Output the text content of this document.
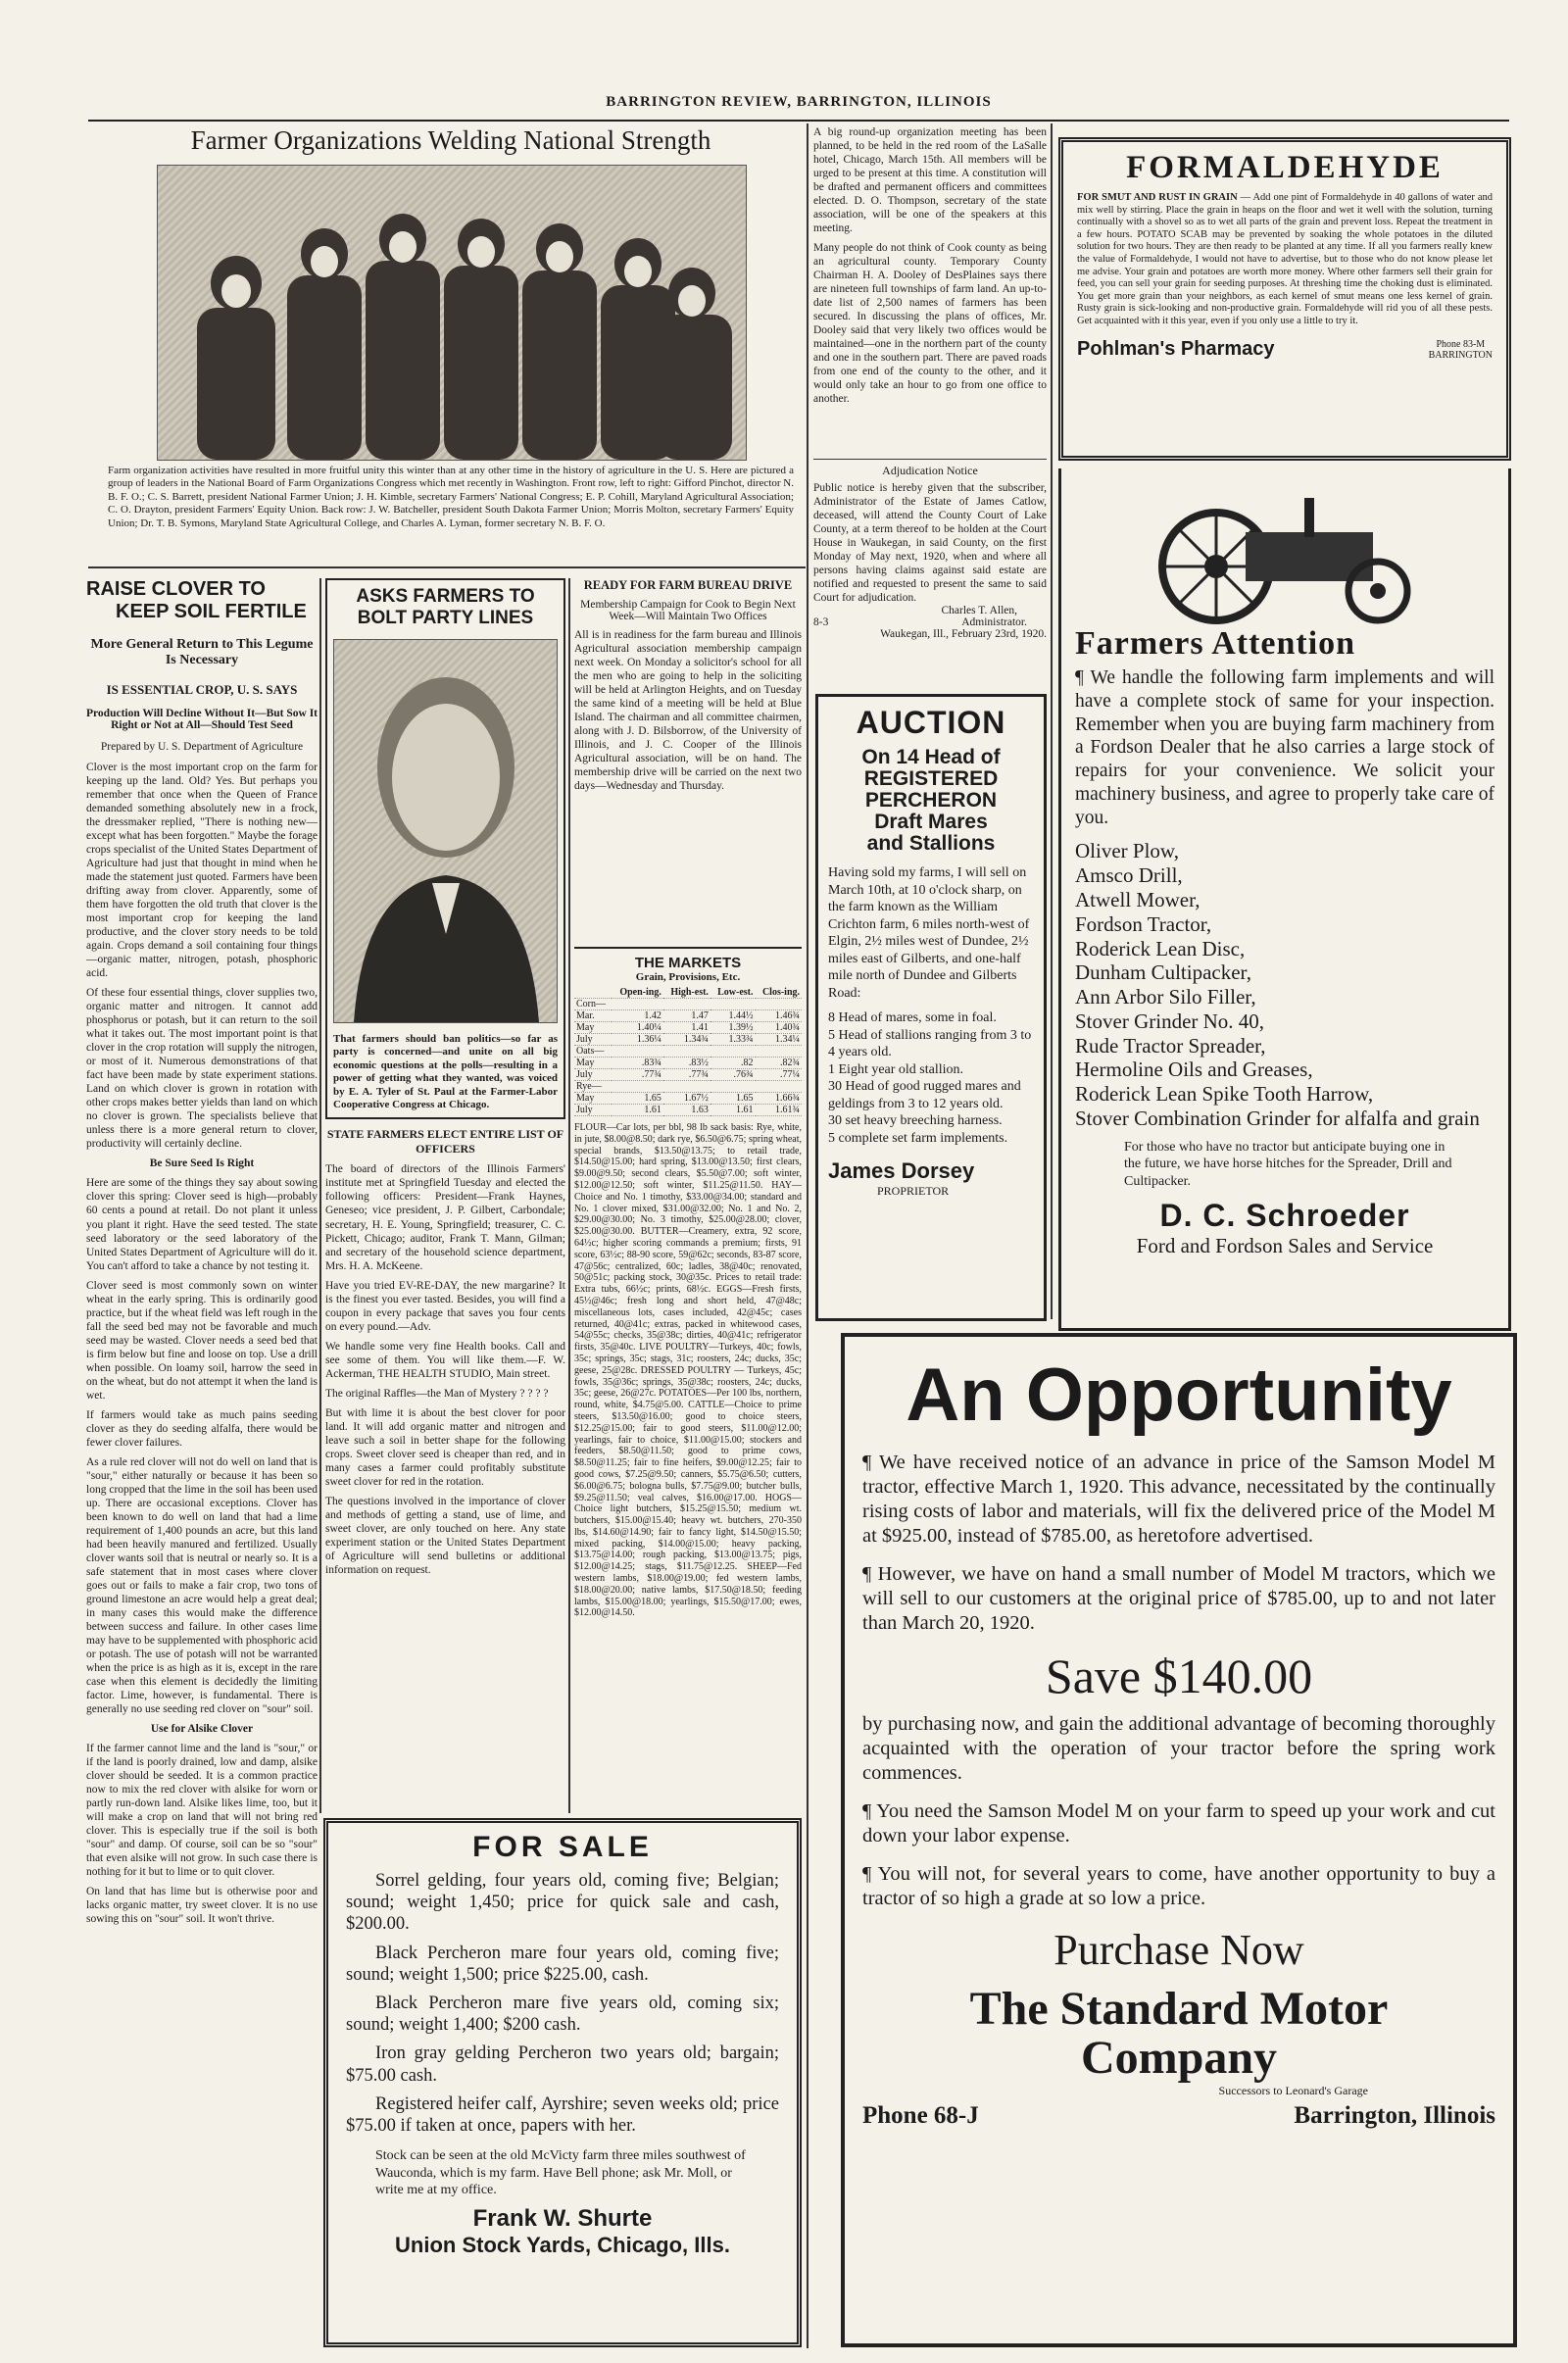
BARRINGTON REVIEW, BARRINGTON, ILLINOIS
Farmer Organizations Welding National Strength
Farm organization activities have resulted in more fruitful unity this winter than at any other time in the history of agriculture in the U. S. Here are pictured a group of leaders in the National Board of Farm Organizations Congress which met recently in Washington. Front row, left to right: Gifford Pinchot, director N. B. F. O.; C. S. Barrett, president National Farmer Union; J. H. Kimble, secretary Farmers' National Congress; E. P. Cohill, Maryland Agricultural Association; C. O. Drayton, president Farmers' Equity Union. Back row: J. W. Batcheller, president South Dakota Farmer Union; Morris Molton, secretary Farmers' Equity Union; Dr. T. B. Symons, Maryland State Agricultural College, and Charles A. Lyman, former secretary N. B. F. O.
RAISE CLOVER TO
KEEP SOIL FERTILE
More General Return to This Legume Is Necessary
IS ESSENTIAL CROP, U. S. SAYS
Production Will Decline Without It—But Sow It Right or Not at All—Should Test Seed
Prepared by U. S. Department of Agriculture

Clover is the most important crop on the farm for keeping up the land. Old? Yes. But perhaps you remember that once when the Queen of France demanded something absolutely new in a frock, the dressmaker replied, "There is nothing new—except what has been forgotten." Maybe the forage crops specialist of the United States Department of Agriculture had just that thought in mind when he made the statement just quoted. Farmers have been drifting away from clover. Apparently, some of them have forgotten the old truth that clover is the most important crop for keeping the land productive, and the clover story needs to be told again. Crops demand a soil containing four things—organic matter, nitrogen, potash, phosphoric acid.

Of these four essential things, clover supplies two, organic matter and nitrogen. It cannot add phosphorus or potash, but it can return to the soil what it takes out. The most important point is that clover in the crop rotation will supply the nitrogen, or most of it. Numerous demonstrations of that fact have been made by state experiment stations. Land on which clover is grown in rotation with other crops makes better yields than land on which no clover is grown. The specialists believe that unless there is a more general return to clover, productivity will certainly decline.

Be Sure Seed Is Right

Here are some of the things they say about sowing clover this spring: Clover seed is high—probably 60 cents a pound at retail. Do not plant it unless you plant it right. Have the seed tested. The state seed laboratory or the seed laboratory of the United States Department of Agriculture will do it. You can't afford to take a chance by not testing it.

Clover seed is most commonly sown on winter wheat in the early spring. This is ordinarily good practice, but if the wheat field was left rough in the fall the seed bed may not be favorable and much seed may be wasted. Clover needs a seed bed that is firm below but fine and loose on top. Use a drill when possible. On loamy soil, harrow the seed in on the wheat, but do not attempt it when the land is wet.

If farmers would take as much pains seeding clover as they do seeding alfalfa, there would be fewer clover failures.

As a rule red clover will not do well on land that is "sour," either naturally or because it has been so long cropped that the lime in the soil has been used up. There are occasional exceptions. Clover has been known to do well on land that had a lime requirement of 1,400 pounds an acre, but this land had been heavily manured and fertilized. Usually clover wants soil that is neutral or nearly so. It is a safe statement that in most cases where clover goes out or fails to make a fair crop, two tons of ground limestone an acre would help a great deal; in many cases this would make the difference between success and failure. In other cases lime may have to be supplemented with phosphoric acid or potash. The use of potash will not be warranted when the price is as high as it is, except in the rare case when this element is decidedly the limiting factor. Lime, however, is fundamental. There is generally no use seeding red clover on "sour" soil.

Use for Alsike Clover

If the farmer cannot lime and the land is "sour," or if the land is poorly drained, low and damp, alsike clover should be seeded. It is a common practice now to mix the red clover with alsike for worn or partly run-down land. Alsike likes lime, too, but it will make a crop on land that will not bring red clover. This is especially true if the soil is both "sour" and damp. Of course, soil can be so "sour" that even alsike will not grow. In such case there is nothing for it but to lime or to quit clover.

On land that has lime but is otherwise poor and lacks organic matter, try sweet clover. It is no use sowing this on "sour" soil. It won't thrive.

ASKS FARMERS TO
BOLT PARTY LINES
That farmers should ban politics—so far as party is concerned—and unite on all big economic questions at the polls—resulting in a power of getting what they wanted, was voiced by E. A. Tyler of St. Paul at the Farmer-Labor Cooperative Congress at Chicago.
STATE FARMERS ELECT ENTIRE LIST OF OFFICERS

The board of directors of the Illinois Farmers' institute met at Springfield Tuesday and elected the following officers: President—Frank Haynes, Geneseo; vice president, J. P. Gilbert, Carbondale; secretary, H. E. Young, Springfield; treasurer, C. C. Pickett, Chicago; auditor, Frank T. Mann, Gilman; and secretary of the household science department, Mrs. H. A. McKeene.

Have you tried EV-RE-DAY, the new margarine? It is the finest you ever tasted. Besides, you will find a coupon in every package that saves you four cents on every pound.—Adv.

We handle some very fine Health books. Call and see some of them. You will like them.—F. W. Ackerman, THE HEALTH STUDIO, Main street.

The original Raffles—the Man of Mystery ? ? ? ?

But with lime it is about the best clover for poor land. It will add organic matter and nitrogen and leave such a soil in better shape for the following crops. Sweet clover seed is cheaper than red, and in many cases a farmer could profitably substitute sweet clover for red in the rotation.

The questions involved in the importance of clover and methods of getting a stand, use of lime, and sweet clover, are only touched on here. Any state experiment station or the United States Department of Agriculture will send bulletins or additional information on request.

READY FOR FARM BUREAU DRIVE
Membership Campaign for Cook to Begin Next Week—Will Maintain Two Offices

All is in readiness for the farm bureau and Illinois Agricultural association membership campaign next week. On Monday a solicitor's school for all the men who are going to help in the soliciting will be held at Arlington Heights, and on Tuesday the same kind of a meeting will be held at Blue Island. The chairman and all committee chairmen, along with J. D. Bilsborrow, of the University of Illinois, and J. C. Cooper of the Illinois Agricultural association, will be on hand. The membership drive will be carried on the next two days—Wednesday and Thursday.

THE MARKETS
Grain, Provisions, Etc.
	Open-ing.	High-est.	Low-est.	Clos-ing.
Corn—				
Mar.	1.42	1.47	1.44½	1.46¾
May	1.40¼	1.41	1.39½	1.40¾
July	1.36¼	1.34¾	1.33¾	1.34¼
Oats—				
May	.83¾	.83½	.82	.82¾
July	.77¾	.77¾	.76¾	.77¼
Rye—				
May	1.65	1.67½	1.65	1.66¾
July	1.61	1.63	1.61	1.61¾
FLOUR—Car lots, per bbl, 98 lb sack basis: Rye, white, in jute, $8.00@8.50; dark rye, $6.50@6.75; spring wheat, special brands, $13.50@13.75; to retail trade, $14.50@15.00; hard spring, $13.00@13.50; first clears, $9.00@9.50; second clears, $5.50@7.00; soft winter, $12.00@12.50; soft winter, $11.25@11.50. HAY—Choice and No. 1 timothy, $33.00@34.00; standard and No. 1 clover mixed, $31.00@32.00; No. 1 and No. 2, $29.00@30.00; No. 3 timothy, $25.00@28.00; clover, $25.00@30.00. BUTTER—Creamery, extra, 92 score, 64½c; higher scoring commands a premium; firsts, 91 score, 63½c; 88-90 score, 59@62c; seconds, 83-87 score, 47@56c; centralized, 60c; ladles, 38@40c; renovated, 50@51c; packing stock, 30@35c. Prices to retail trade: Extra tubs, 66½c; prints, 68½c. EGGS—Fresh firsts, 45½@46c; fresh long and short held, 47@48c; miscellaneous lots, cases included, 42@45c; cases returned, 40@41c; extras, packed in whitewood cases, 54@55c; checks, 35@38c; dirties, 40@41c; refrigerator firsts, 35@40c. LIVE POULTRY—Turkeys, 40c; fowls, 35c; springs, 35c; stags, 31c; roosters, 24c; ducks, 35c; geese, 25@28c. DRESSED POULTRY — Turkeys, 45c; fowls, 35@36c; springs, 35@38c; roosters, 24c; ducks, 35c; geese, 26@27c. POTATOES—Per 100 lbs, northern, round, white, $4.75@5.00. CATTLE—Choice to prime steers, $13.50@16.00; good to choice steers, $12.25@15.00; fair to good steers, $11.00@12.00; yearlings, fair to choice, $11.00@15.00; stockers and feeders, $8.50@11.50; good to prime cows, $8.50@11.25; fair to fine heifers, $9.00@12.25; fair to good cows, $7.25@9.50; canners, $5.75@6.50; cutters, $6.00@6.75; bologna bulls, $7.75@9.00; butcher bulls, $9.25@11.50; veal calves, $16.00@17.00. HOGS—Choice light butchers, $15.25@15.50; medium wt. butchers, $15.00@15.40; heavy wt. butchers, 270-350 lbs, $14.60@14.90; fair to fancy light, $14.50@15.50; mixed packing, $14.00@15.00; heavy packing, $13.75@14.00; rough packing, $13.00@13.75; pigs, $12.00@14.25; stags, $11.75@12.25. SHEEP—Fed western lambs, $18.00@19.00; fed western lambs, $18.00@20.00; native lambs, $17.50@18.50; feeding lambs, $15.00@18.00; yearlings, $15.50@17.00; ewes, $12.00@14.50.

A big round-up organization meeting has been planned, to be held in the red room of the LaSalle hotel, Chicago, March 15th. All members will be urged to be present at this time. A constitution will be drafted and permanent officers and committees elected. D. O. Thompson, secretary of the state association, will be one of the speakers at this meeting.

Many people do not think of Cook county as being an agricultural county. Temporary County Chairman H. A. Dooley of DesPlaines says there are nineteen full townships of farm land. An up-to-date list of 2,500 names of farmers has been secured. In discussing the plans of offices, Mr. Dooley said that very likely two offices would be maintained—one in the northern part of the county and one in the southern part. There are paved roads from one end of the county to the other, and it would only take an hour to go from one office to another.

Adjudication Notice
Public notice is hereby given that the subscriber, Administrator of the Estate of James Catlow, deceased, will attend the County Court of Lake County, at a term thereof to be holden at the Court House in Waukegan, in said County, on the first Monday of May next, 1920, when and where all persons having claims against said estate are notified and requested to present the same to said Court for adjudication.
Charles T. Allen,
8-3	Administrator.
Waukegan, Ill., February 23rd, 1920.
AUCTION
On 14 Head of
REGISTERED
PERCHERON
Draft Mares
and Stallions
Having sold my farms, I will sell on March 10th, at 10 o'clock sharp, on the farm known as the William Crichton farm, 6 miles north-west of Elgin, 2½ miles west of Dundee, 2½ miles east of Gilberts, and one-half mile north of Dundee and Gilberts Road:
8 Head of mares, some in foal.
5 Head of stallions ranging from 3 to 4 years old.
1 Eight year old stallion.
30 Head of good rugged mares and geldings from 3 to 12 years old.
30 set heavy breeching harness.
5 complete set farm implements.
James Dorsey
PROPRIETOR
FORMALDEHYDE
FOR SMUT AND RUST IN GRAIN — Add one pint of Formaldehyde in 40 gallons of water and mix well by stirring. Place the grain in heaps on the floor and wet it well with the solution, turning continually with a shovel so as to wet all parts of the grain and prevent loss. Repeat the treatment in a few hours. POTATO SCAB may be prevented by soaking the whole potatoes in the diluted solution for two hours. They are then ready to be planted at any time. If all you farmers really knew the value of Formaldehyde, I would not have to advertise, but to those who do not know please let me advise. Your grain and potatoes are worth more money. Where other farmers sell their grain for feed, you can sell your grain for seeding purposes. At threshing time the choking dust is eliminated. You get more grain than your neighbors, as each kernel of smut means one less kernel of grain. Rusty grain is sick-looking and non-productive grain. Formaldehyde will rid you of all these pests. Get acquainted with it this year, even if you only use a little to try it.
Pohlman's Pharmacy	Phone 83-M
BARRINGTON
Farmers Attention
¶ We handle the following farm implements and will have a complete stock of same for your inspection. Remember when you are buying farm machinery from a Fordson Dealer that he also carries a large stock of repairs for your convenience. We solicit your machinery business, and agree to properly take care of you.
Oliver Plow,
Amsco Drill,
Atwell Mower,
Fordson Tractor,
Roderick Lean Disc,
Dunham Cultipacker,
Ann Arbor Silo Filler,
Stover Grinder No. 40,
Rude Tractor Spreader,
Hermoline Oils and Greases,
Roderick Lean Spike Tooth Harrow,
Stover Combination Grinder for alfalfa and grain
For those who have no tractor but anticipate buying one in the future, we have horse hitches for the Spreader, Drill and Cultipacker.
D. C. Schroeder
Ford and Fordson Sales and Service
FOR SALE
Sorrel gelding, four years old, coming five; Belgian; sound; weight 1,450; price for quick sale and cash, $200.00.
Black Percheron mare four years old, coming five; sound; weight 1,500; price $225.00, cash.
Black Percheron mare five years old, coming six; sound; weight 1,400; $200 cash.
Iron gray gelding Percheron two years old; bargain; $75.00 cash.
Registered heifer calf, Ayrshire; seven weeks old; price $75.00 if taken at once, papers with her.
Stock can be seen at the old McVicty farm three miles southwest of Wauconda, which is my farm. Have Bell phone; ask Mr. Moll, or write me at my office.
Frank W. Shurte
Union Stock Yards, Chicago, Ills.
An Opportunity
¶ We have received notice of an advance in price of the Samson Model M tractor, effective March 1, 1920. This advance, necessitated by the continually rising costs of labor and materials, will fix the delivered price of the Model M at $925.00, instead of $785.00, as heretofore advertised.
¶ However, we have on hand a small number of Model M tractors, which we will sell to our customers at the original price of $785.00, up to and not later than March 20, 1920.
Save $140.00
by purchasing now, and gain the additional advantage of becoming thoroughly acquainted with the operation of your tractor before the spring work commences.
¶ You need the Samson Model M on your farm to speed up your work and cut down your labor expense.
¶ You will not, for several years to come, have another opportunity to buy a tractor of so high a grade at so low a price.
Purchase Now
The Standard Motor
Company
Successors to Leonard's Garage
Phone 68-J	Barrington, Illinois
